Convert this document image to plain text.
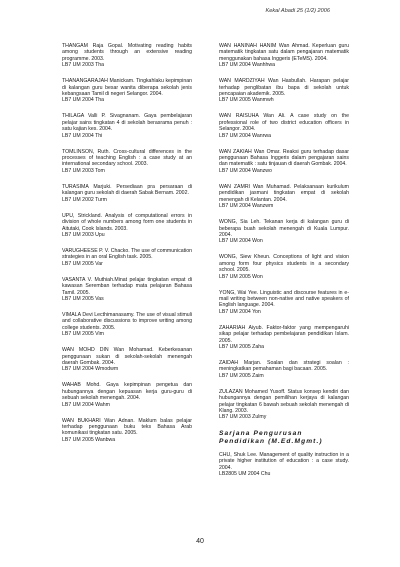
Kekal Abadi 25 (1/2) 2006
THANGAM Raja Gopal. Motivating reading habits among students through an extensive reading programme. 2003.
LB7 UM 2003 Tha
THANANGARAJAH Manickam. Tingkahlaku kepimpinan di kalangan guru besar wanita diberapa sekolah jenis kebangsaan Tamil di negeri Selangor. 2004.
LB7 UM 2004 Tha
THILAGA Valli P. Sivagnanam. Gaya pembelajaran pelajar sains tingkatan 4 di sekolah berasrama penuh : satu kajian kes. 2004.
LB7 UM 2004 Thi
TOMLINSON, Ruth. Cross-cultural differences in the processes of teaching English : a case study at an international secondary school. 2003.
LB7 UM 2003 Tom
TURASIMA Marjuki. Persediaan pra persaraan di kalangan guru sekolah di daerah Sabak Bernam. 2002.
LB7 UM 2002 Turm
UPU, Strickland. Analysis of computational errors in division of whole numbers among form one students in Aitutaki, Cook Islands. 2003.
LB7 UM 2003 Upu
VARUGHEESE P. V. Chacko. The use of communication strategies in an oral English task. 2005.
LB7 UM 2005 Var
VASANTA V. Muthiah.Minat pelajar tingkatan empat di kawasan Seremban terhadap mata pelajaran Bahasa Tamil. 2005.
LB7 UM 2005 Vas
VIMALA Devi Lecthimanasamy. The use of visual stimuli and collaborative discussions to improve writing among college students. 2005.
LB7 UM 2005 Vim
WAN MOHD DIN Wan Mohamad. Keberkesanan penggunaan sukan di sekolah-sekolah menengah daerah Gombak. 2004.
LB7 UM 2004 Wmodwm
WAHAB Mohd. Gaya kepimpinan pengetua dan hubungannya dengan kepuasan kerja guru-guru di sebuah sekolah menengah. 2004.
LB7 UM 2004 Wahm
WAN BUKHARI Wan Adnan. Maklum balas pelajar terhadap penggunaan buku teks Bahasa Arab komunikasi tingkatan satu. 2005.
LB7 UM 2005 Wanbwa
WAN HANINAH HANIM Wan Ahmad. Keperluan guru matematik tingkatan satu dalam pengajaran matematik menggunakan bahasa Inggeris (ETeMS). 2004.
LB7 UM 2004 Wanhhwa
WAN MARDZIYAH Wan Hasbullah. Harapan pelajar terhadap penglibatan ibu bapa di sekolah untuk pencapaian akademik. 2005.
LB7 UM 2005 Wanmwh
WAN RAISUHA Wan Ali. A case study on the professional role of two district education officers in Selangor. 2004.
LB7 UM 2004 Wanrwa
WAN ZAKIAH Wan Omar. Reaksi guru terhadap dasar penggunaan Bahasa Inggeris dalam pengajaran sains dan matematik : satu tinjauan di daerah Gombak. 2004.
LB7 UM 2004 Wanzwo
WAN ZAMRI Wan Muhamad. Pelaksanaan kurikulum pendidikan jasmani tingkatan empat di sekolah menengah di Kelantan. 2004.
LB7 UM 2004 Wanzwm
WONG, Sia Leh. Tekanan kerja di kalangan guru di beberapa buah sekolah menengah di Kuala Lumpur. 2004.
LB7 UM 2004 Won
WONG, Siew Kheun. Conceptions of light and vision among form four physics students in a secondary school. 2005.
LB7 UM 2005 Won
YONG, Wai Yee. Linguistic and discourse features in e-mail writing between non-native and native speakers of English language. 2004.
LB7 UM 2004 Yon
ZAHARIAH Aiyub. Faktor-faktor yang mempengaruhi sikap pelajar terhadap pembelajaran pendidikan Islam. 2005.
LB7 UM 2005 Zaha
ZAIDAH Marjan. Soalan dan strategi soalan : meningkatkan pemahaman bagi bacaan. 2005.
LB7 UM 2005 Zaim
ZULAZAN Mohamed Yusoff. Status konsep kendiri dan hubungannya dengan pemilihan kerjaya di kalangan pelajar tingkatan 6 bawah sebuah sekolah menengah di Klang. 2003.
LB7 UM 2003 Zulmy
Sarjana Pengurusan Pendidikan (M.Ed.Mgmt.)
CHU, Shuk Lee. Management of quality instruction in a private higher institution of education : a case study. 2004.
LB2805 UM 2004 Chu
40
